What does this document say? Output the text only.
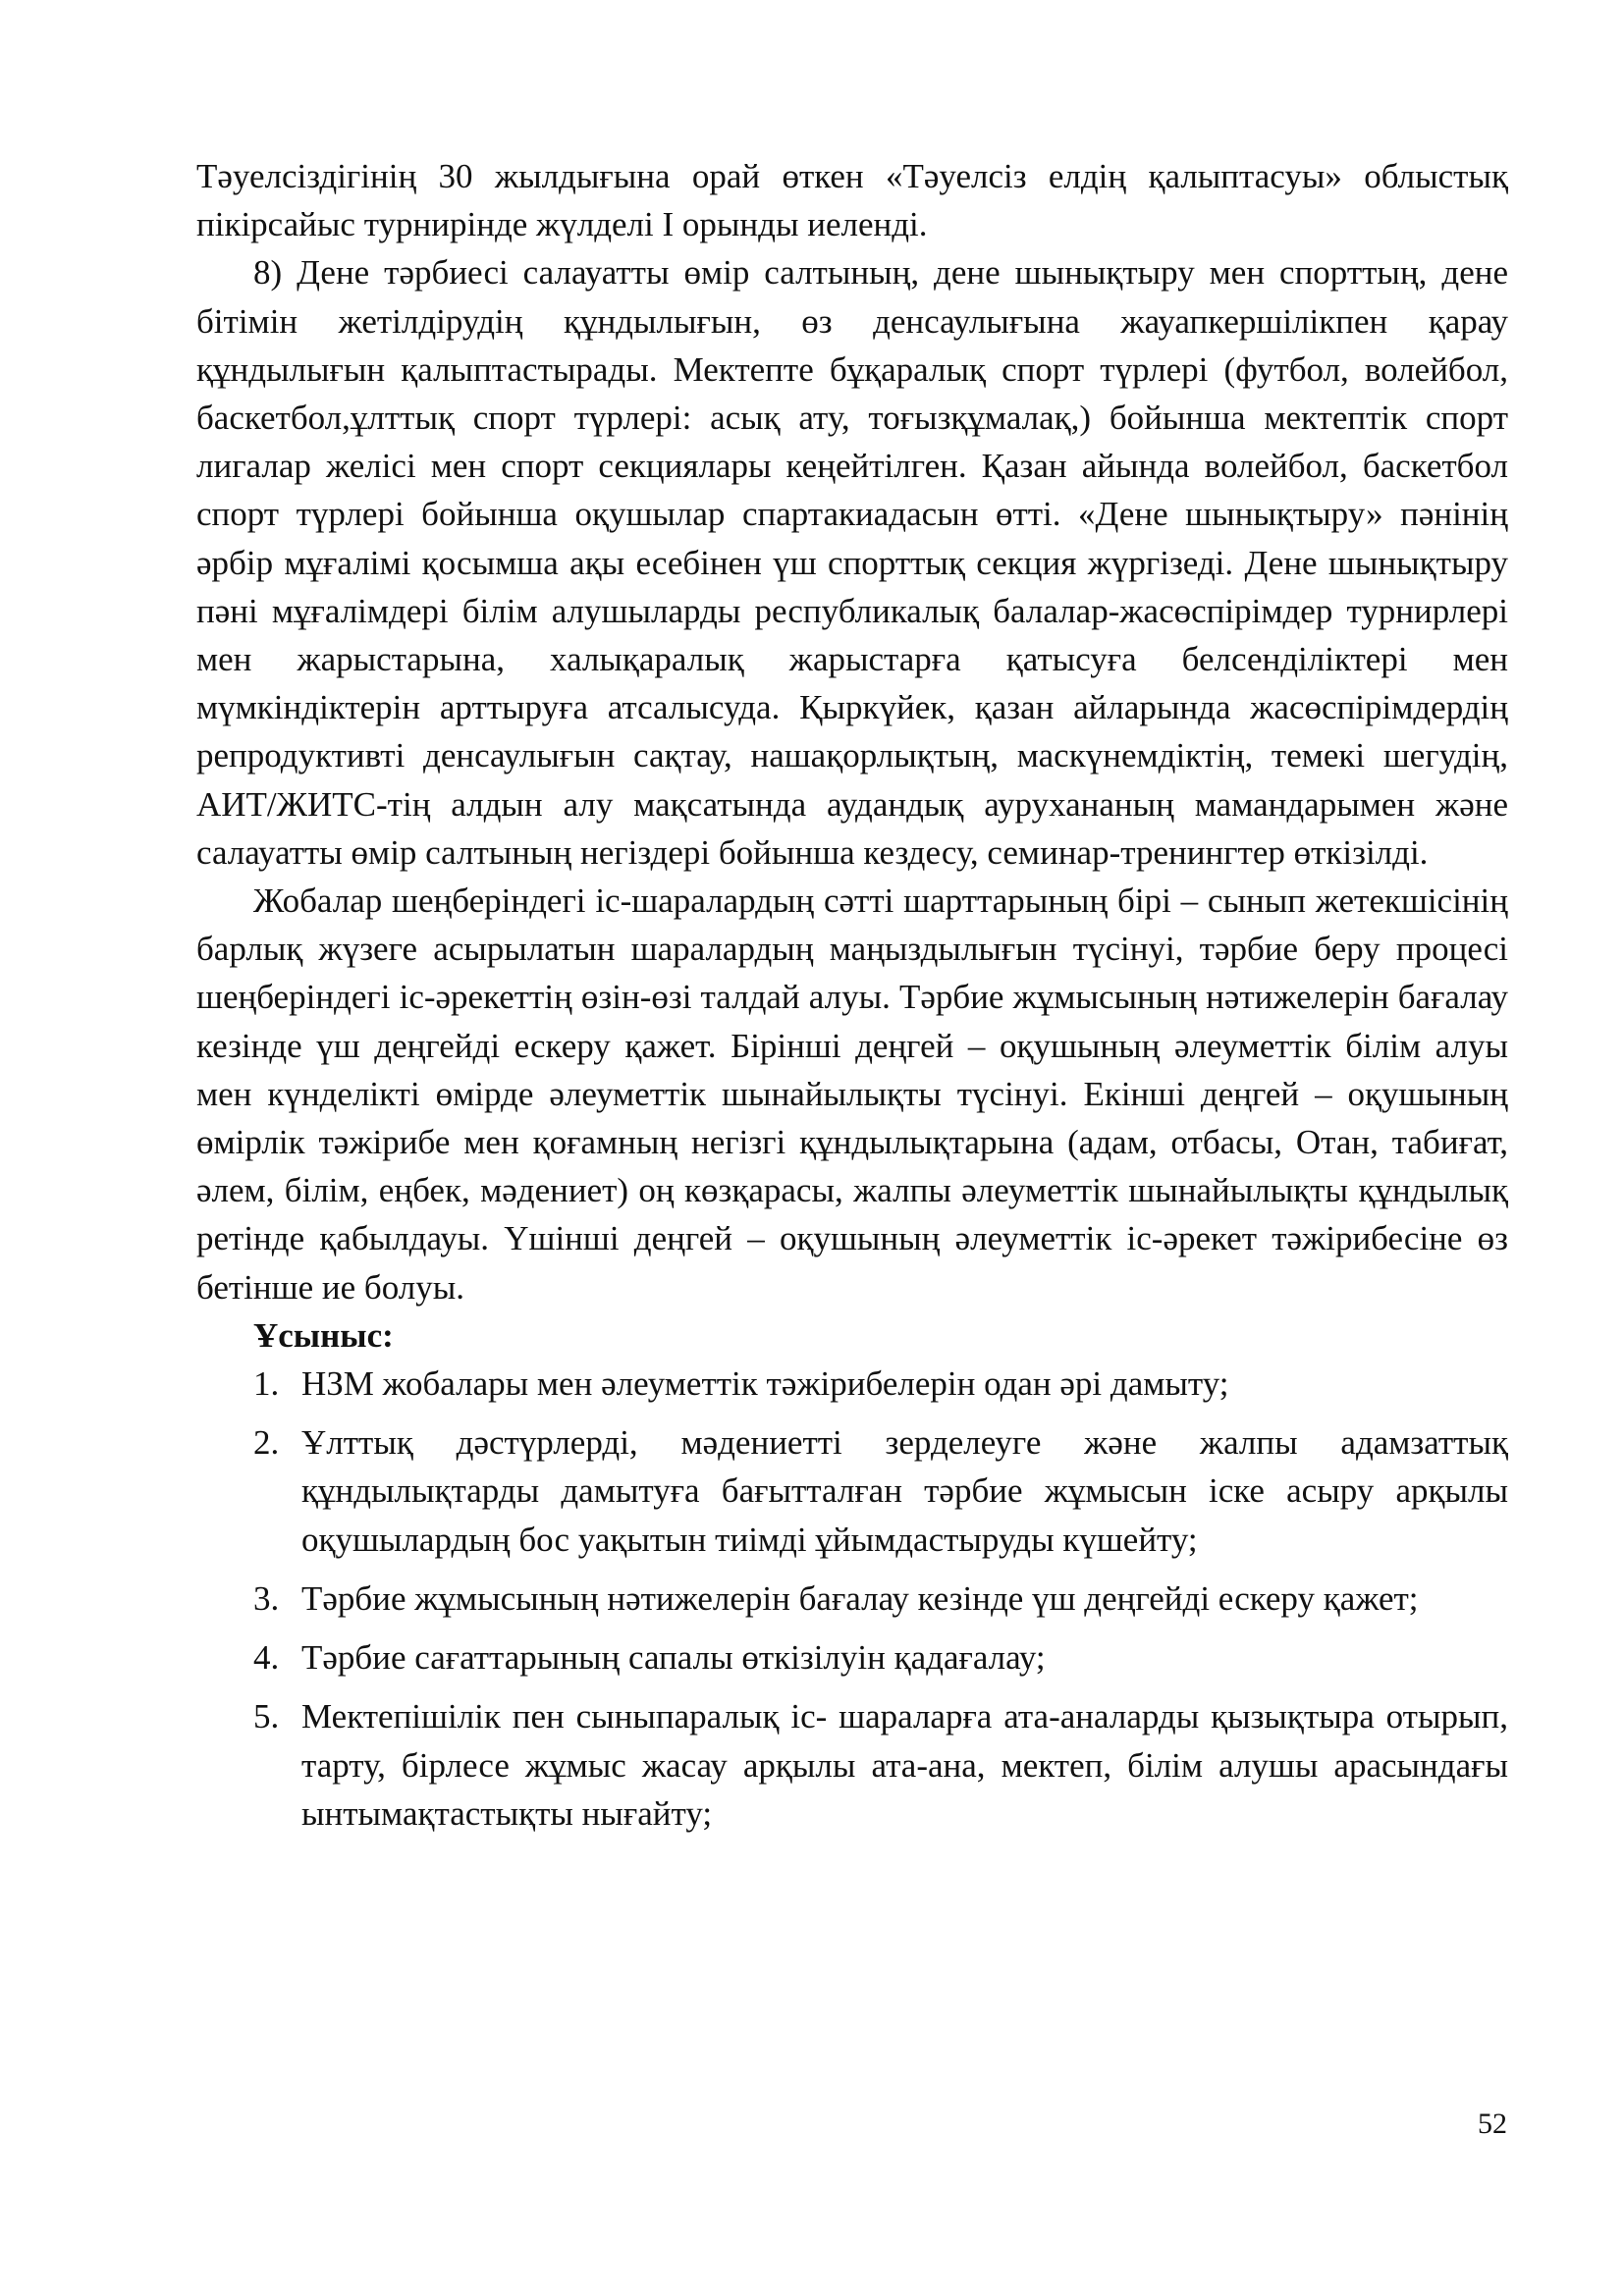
Тәуелсіздігінің 30 жылдығына орай өткен «Тәуелсіз елдің қалыптасуы» облыстық пікірсайыс турнирінде жүлделі І орынды иеленді.

8) Дене тәрбиесі салауатты өмір салтының, дене шынықтыру мен спорттың, дене бітімін жетілдірудің құндылығын, өз денсаулығына жауапкершілікпен қарау құндылығын қалыптастырады. Мектепте бұқаралық спорт түрлері (футбол, волейбол, баскетбол,ұлттық спорт түрлері: асық ату, тоғызқұмалақ,) бойынша мектептік спорт лигалар желісі мен спорт секциялары кеңейтілген. Қазан айында волейбол, баскетбол спорт түрлері бойынша оқушылар спартакиадасын өтті. «Дене шынықтыру» пәнінің әрбір мұғалімі қосымша ақы есебінен үш спорттық секция жүргізеді. Дене шынықтыру пәні мұғалімдері білім алушыларды республикалық балалар-жасөспірімдер турнирлері мен жарыстарына, халықаралық жарыстарға қатысуға белсенділіктері мен мүмкіндіктерін арттыруға атсалысуда. Қыркүйек, қазан айларында жасөспірімдердің репродуктивті денсаулығын сақтау, нашақорлықтың, маскүнемдіктің, темекі шегудің, АИТ/ЖИТС-тің алдын алу мақсатында аудандық аурухананың мамандарымен және салауатты өмір салтының негіздері бойынша кездесу, семинар-тренингтер өткізілді.

Жобалар шеңберіндегі іс-шаралардың сәтті шарттарының бірі – сынып жетекшісінің барлық жүзеге асырылатын шаралардың маңыздылығын түсінуі, тәрбие беру процесі шеңберіндегі іс-әрекеттің өзін-өзі талдай алуы. Тәрбие жұмысының нәтижелерін бағалау кезінде үш деңгейді ескеру қажет. Бірінші деңгей – оқушының әлеуметтік білім алуы мен күнделікті өмірде әлеуметтік шынайылықты түсінуі. Екінші деңгей – оқушының өмірлік тәжірибе мен қоғамның негізгі құндылықтарына (адам, отбасы, Отан, табиғат, әлем, білім, еңбек, мәдениет) оң көзқарасы, жалпы әлеуметтік шынайылықты құндылық ретінде қабылдауы. Үшінші деңгей – оқушының әлеуметтік іс-әрекет тәжірибесіне өз бетінше ие болуы.

Ұсыныс:

1. НЗМ жобалары мен әлеуметтік тәжірибелерін одан әрі дамыту;
2. Ұлттық дәстүрлерді, мәдениетті зерделеуге және жалпы адамзаттық құндылықтарды дамытуға бағытталған тәрбие жұмысын іске асыру арқылы оқушылардың бос уақытын тиімді ұйымдастыруды күшейту;
3. Тәрбие жұмысының нәтижелерін бағалау кезінде үш деңгейді ескеру қажет;
4. Тәрбие сағаттарының сапалы өткізілуін қадағалау;
5. Мектепішілік пен сыныпаралық іс- шараларға ата-аналарды қызықтыра отырып, тарту, бірлесе жұмыс жасау арқылы ата-ана, мектеп, білім алушы арасындағы ынтымақтастықты нығайту;
52
